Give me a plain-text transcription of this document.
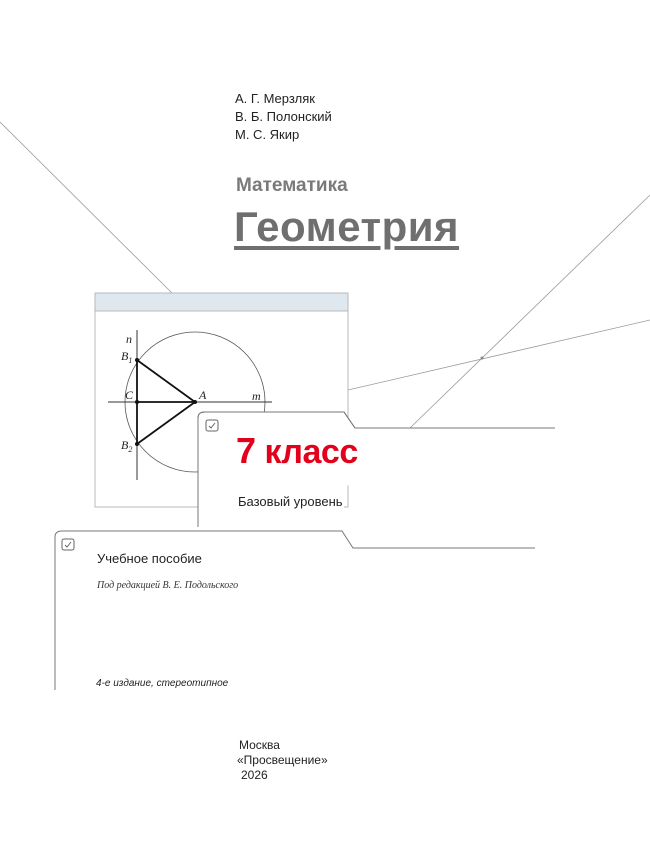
n
m
A
C
$B_1$
$B_2$
А. Г. Мерзляк
В. Б. Полонский
М. С. Якир
Математика
Геометрия
7 класс
Базовый уровень
Учебное пособие
Под редакцией В. Е. Подольского
4-е издание, стереотипное
Москва
«Просвещение»
2026
